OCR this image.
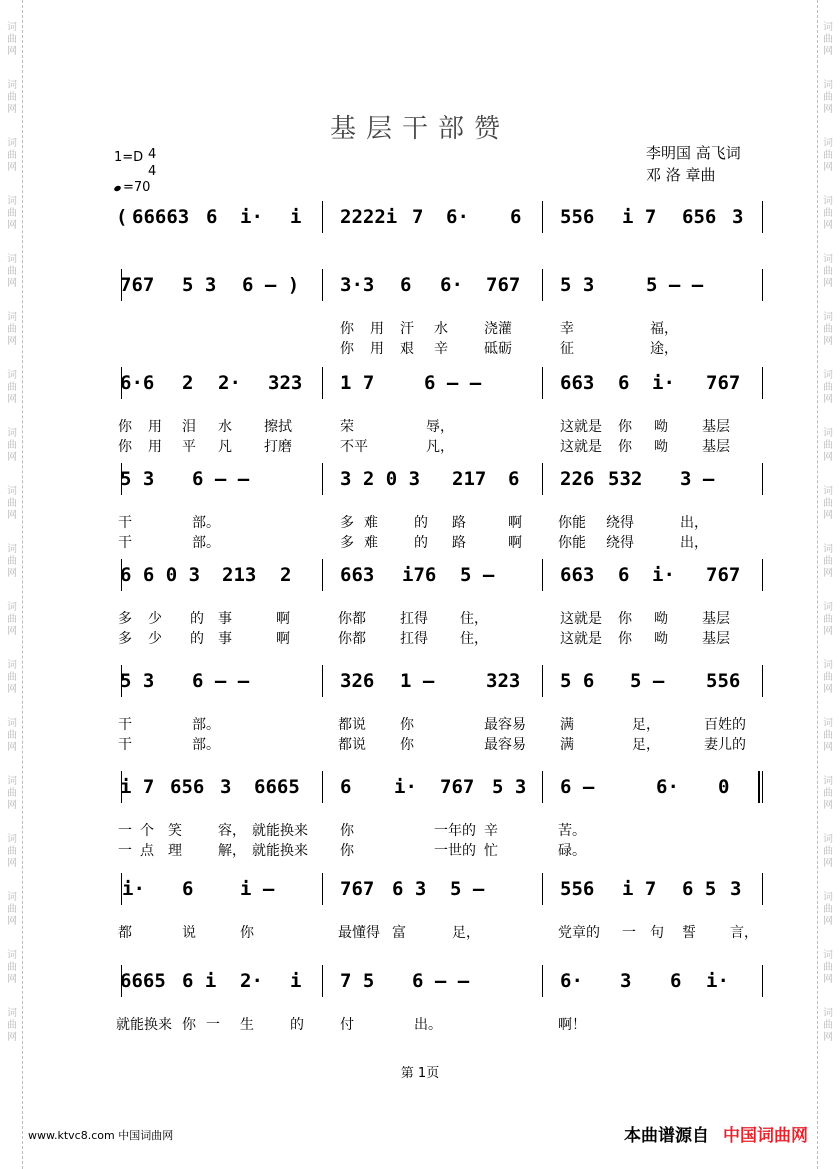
词
曲
网
词
曲
网
词
曲
网
词
曲
网
词
曲
网
词
曲
网
词
曲
网
词
曲
网
词
曲
网
词
曲
网
词
曲
网
词
曲
网
词
曲
网
词
曲
网
词
曲
网
词
曲
网
词
曲
网
词
曲
网
词
曲
网
词
曲
网
词
曲
网
词
曲
网
词
曲
网
词
曲
网
词
曲
网
词
曲
网
词
曲
网
词
曲
网
词
曲
网
词
曲
网
词
曲
网
词
曲
网
词
曲
网
词
曲
网
词
曲
网
词
曲
网
基层干部赞
李明国 高飞词
邓 洛 章曲
1=D 4
4
=70
( 66663 6 i· i 2222i 7 6· 6 556 i 7 656 3
767 5 3 6 – ) 3·3 6 6· 767 5 3	5 – –
你 用 汗 水	浇灌	幸	福，
你 用 艰 辛	砥砺	征	途，
6·6 2 2· 323 1 7	6 – –	663 6 i· 767
你 用 泪 水 擦拭	荣	辱，	这就是 你 呦 基层
你 用 平 凡 打磨	不平	凡，	这就是 你 呦 基层
5 3 6 – –	3 2 0 3 217 6 226 532 3 –
干	部。	多 难	的 路	啊	你能 绕得	出，
干	部。	多 难	的 路	啊	你能 绕得	出，
6 6 0 3 213 2	663 i76 5 –	663 6 i· 767
多 少 的 事	啊	你都 扛得 住，	这就是 你 呦 基层
多 少 的 事	啊	你都 扛得 住，	这就是 你 呦 基层
5 3 6 – –	326 1 –	323 5 6 5 – 556
干	部。	都说 你	最容易 满	足，	百姓的
干	部。	都说 你	最容易 满	足，	妻儿的
i 7 656 3 6665 6 i· 767 5 3 6 –	6· 0
一 个 笑	容， 就能换来 你	一年的 辛	苦。
一 点 理	解， 就能换来 你	一世的 忙	碌。
i· 6 i –	767 6 3 5 –	556 i 7 6 5 3
都	说	你	最懂得 富	足，	党章的 一 句 誓 言，
6665 6 i 2· i 7 5 6 – –	6· 3 6 i·
就能换来 你 一 生	的	付	出。	啊！
第 1页
www.ktvc8.com 中国词曲网	本曲谱源自 中国词曲网
